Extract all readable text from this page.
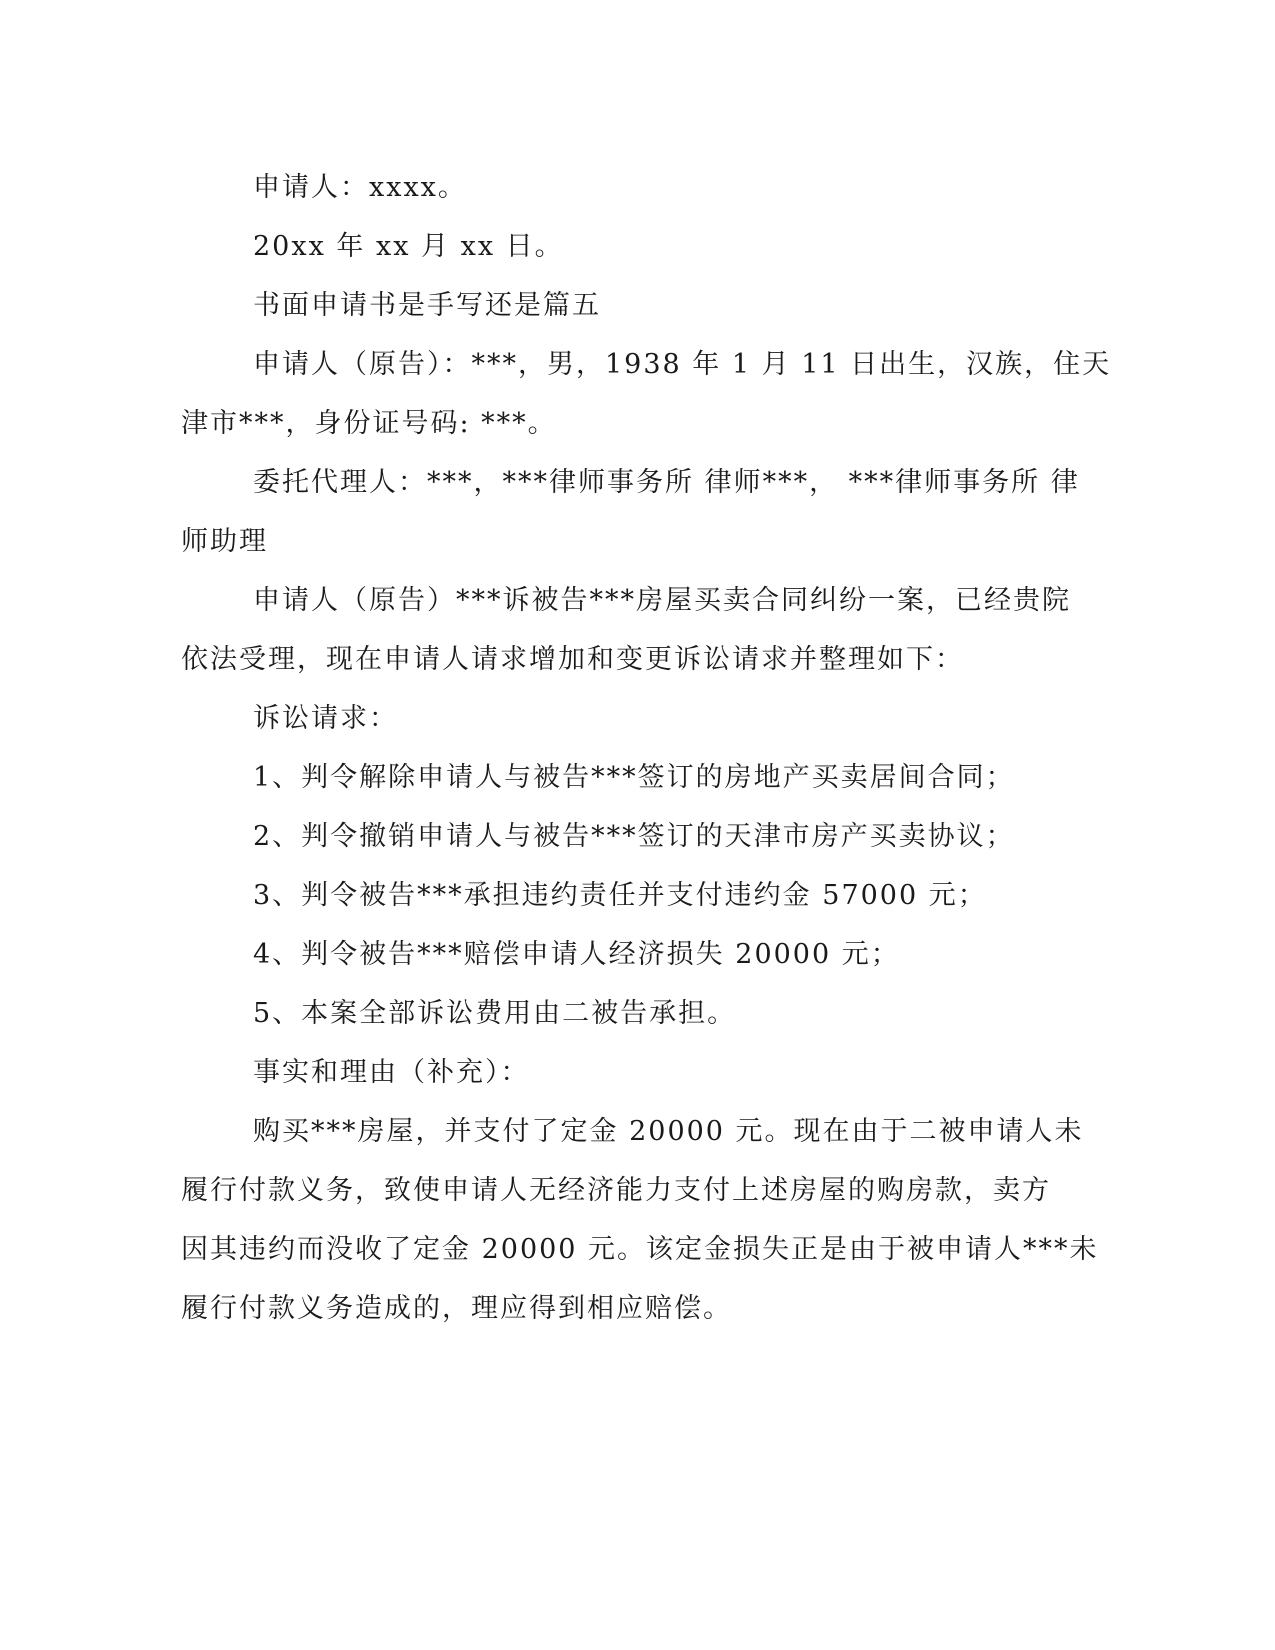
申请人：xxxx。

20xx 年 xx 月 xx 日。

书面申请书是手写还是篇五

申请人（原告）：***，男，1938 年 1 月 11 日出生，汉族，住天

津市***，身份证号码: ***。

委托代理人：***，***律师事务所 律师***， ***律师事务所 律

师助理

申请人（原告）***诉被告***房屋买卖合同纠纷一案，已经贵院

依法受理，现在申请人请求增加和变更诉讼请求并整理如下：

诉讼请求：

1、判令解除申请人与被告***签订的房地产买卖居间合同；

2、判令撤销申请人与被告***签订的天津市房产买卖协议；

3、判令被告***承担违约责任并支付违约金 57000 元；

4、判令被告***赔偿申请人经济损失 20000 元；

5、本案全部诉讼费用由二被告承担。

事实和理由（补充）：

购买***房屋，并支付了定金 20000 元。现在由于二被申请人未

履行付款义务，致使申请人无经济能力支付上述房屋的购房款，卖方

因其违约而没收了定金 20000 元。该定金损失正是由于被申请人***未

履行付款义务造成的，理应得到相应赔偿。
